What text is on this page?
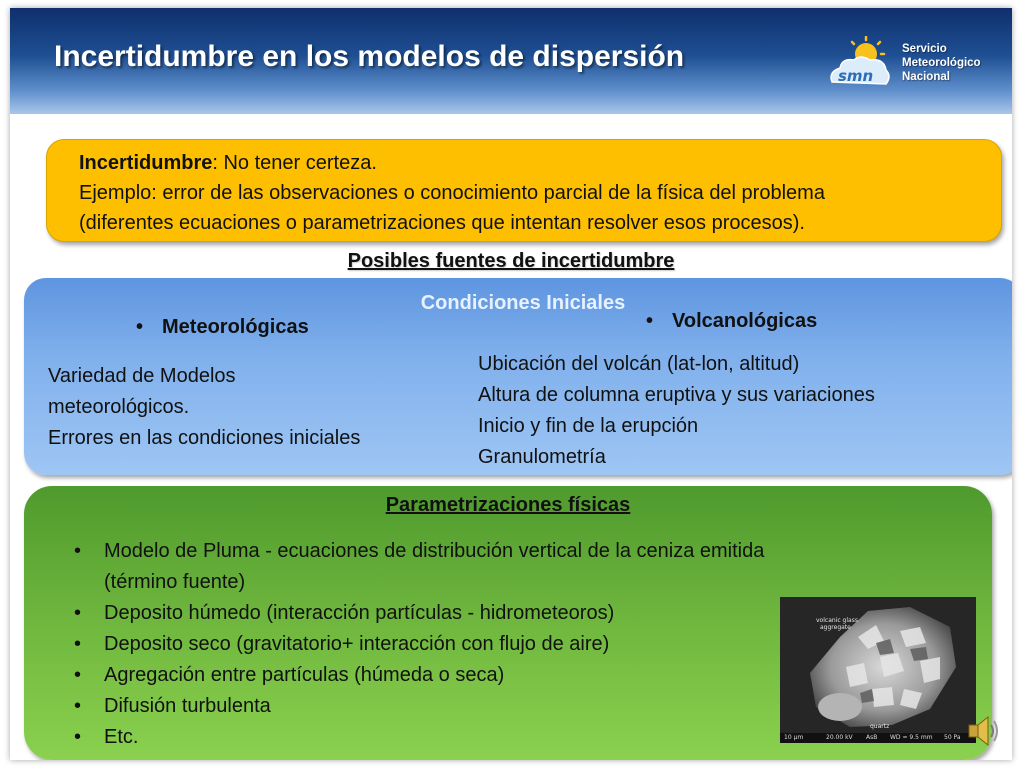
Incertidumbre en los modelos de dispersión
smn
Servicio
Meteorológico
Nacional
Incertidumbre: No tener certeza.
Ejemplo: error de las observaciones o conocimiento parcial de la física del problema
(diferentes ecuaciones o parametrizaciones que intentan resolver esos procesos).
Posibles fuentes de incertidumbre
Condiciones Iniciales
• Meteorológicas
Variedad de Modelos
meteorológicos.
Errores en las condiciones iniciales
• Volcanológicas
Ubicación del volcán (lat-lon, altitud)
Altura de columna eruptiva y sus variaciones
Inicio y fin de la erupción
Granulometría
Parametrizaciones físicas
• Modelo de Pluma - ecuaciones de distribución vertical de la ceniza emitida
(término fuente)
• Deposito húmedo (interacción partículas - hidrometeoros)
• Deposito seco (gravitatorio+ interacción con flujo de aire)
• Agregación entre partículas (húmeda o seca)
• Difusión turbulenta
• Etc.
volcanic glass
aggregate
quartz
10 µm	20.00 kV AsB WD = 9.5 mm 50 Pa
